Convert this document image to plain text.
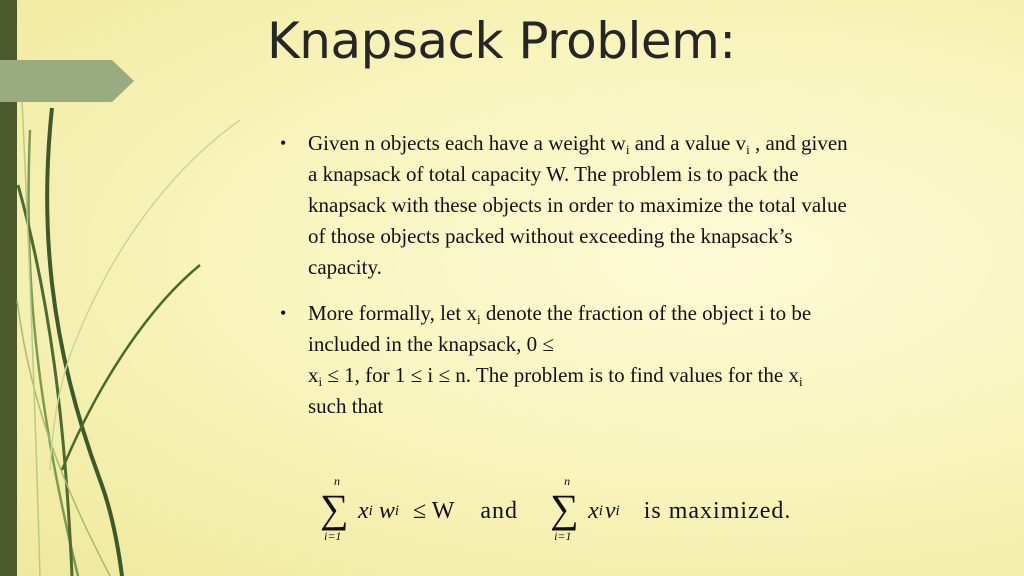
Knapsack Problem:
• Given n objects each have a weight $w_i$ and a value $v_i$ , and given
a knapsack of total capacity W. The problem is to pack the
knapsack with these objects in order to maximize the total value
of those objects packed without exceeding the knapsack’s
capacity.
• More formally, let $x_i$ denote the fraction of the object i to be
included in the knapsack, 0 ≤
$x_i \le 1$, for 1 ≤ i ≤ n. The problem is to find values for the $x_i$
such that
n
∑
i=1
x i w i ≤ W and
n
∑
i=1
x i v i is maximized.
